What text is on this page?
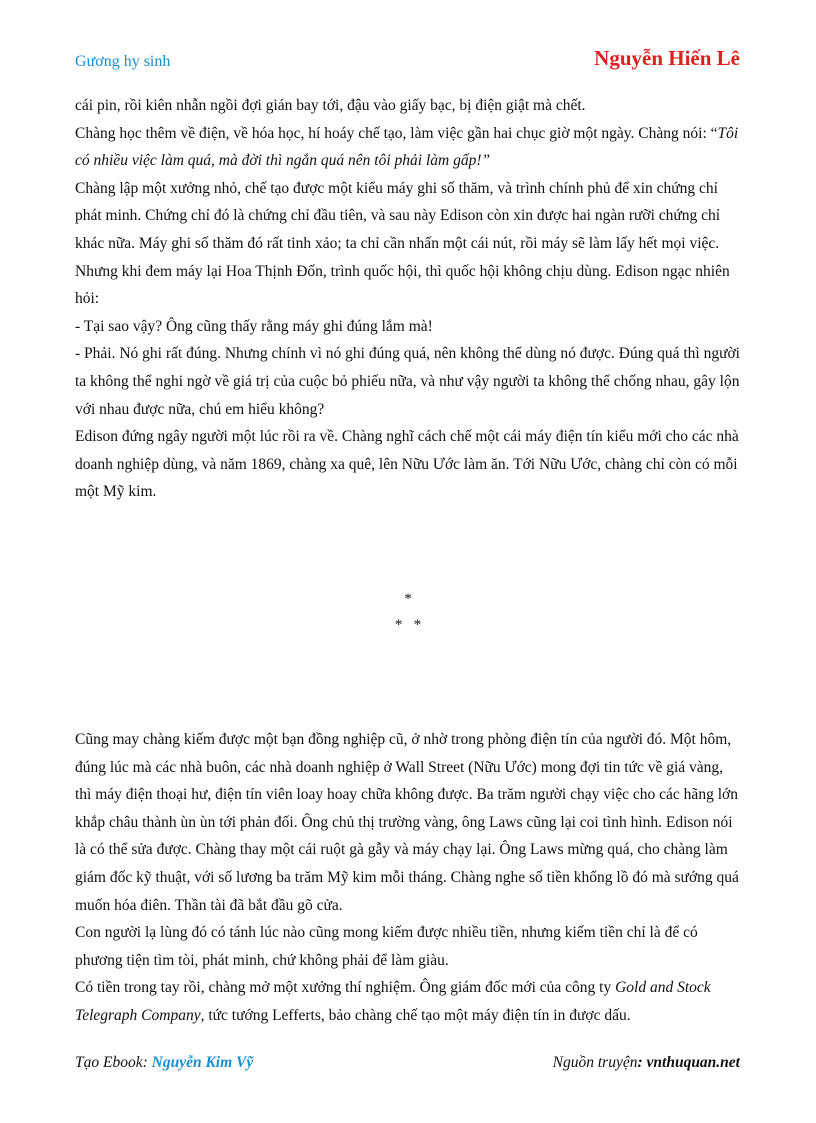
Gương hy sinh	Nguyễn Hiến Lê

cái pin, rồi kiên nhẫn ngồi đợi gián bay tới, đậu vào giấy bạc, bị điện giật mà chết.

Chàng học thêm về điện, về hóa học, hí hoáy chế tạo, làm việc gần hai chục giờ một ngày. Chàng nói: “Tôi có nhiều việc làm quá, mà đời thì ngắn quá nên tôi phải làm gấp!”

Chàng lập một xưởng nhỏ, chế tạo được một kiểu máy ghi số thăm, và trình chính phủ để xin chứng chỉ phát minh. Chứng chỉ đó là chứng chỉ đầu tiên, và sau này Edison còn xin được hai ngàn rưỡi chứng chỉ khác nữa. Máy ghi số thăm đó rất tinh xảo; ta chỉ cần nhấn một cái nút, rồi máy sẽ làm lấy hết mọi việc. Nhưng khi đem máy lại Hoa Thịnh Đốn, trình quốc hội, thì quốc hội không chịu dùng. Edison ngạc nhiên hỏi:

- Tại sao vậy? Ông cũng thấy rằng máy ghi đúng lắm mà!

- Phải. Nó ghi rất đúng. Nhưng chính vì nó ghi đúng quá, nên không thể dùng nó được. Đúng quá thì người ta không thể nghi ngờ về giá trị của cuộc bỏ phiếu nữa, và như vậy người ta không thể chống nhau, gây lộn với nhau được nữa, chú em hiểu không?

Edison đứng ngây người một lúc rồi ra về. Chàng nghĩ cách chế một cái máy điện tín kiểu mới cho các nhà doanh nghiệp dùng, và năm 1869, chàng xa quê, lên Nữu Ước làm ăn. Tới Nữu Ước, chàng chỉ còn có mỗi một Mỹ kim.

*
*   *

Cũng may chàng kiếm được một bạn đồng nghiệp cũ, ở nhờ trong phòng điện tín của người đó. Một hôm, đúng lúc mà các nhà buôn, các nhà doanh nghiệp ở Wall Street (Nữu Ước) mong đợi tin tức về giá vàng, thì máy điện thoại hư, điện tín viên loay hoay chữa không được. Ba trăm người chạy việc cho các hãng lớn khắp châu thành ùn ùn tới phản đối. Ông chủ thị trường vàng, ông Laws cũng lại coi tình hình. Edison nói là có thể sửa được. Chàng thay một cái ruột gà gẫy và máy chạy lại. Ông Laws mừng quá, cho chàng làm giám đốc kỹ thuật, với số lương ba trăm Mỹ kim mỗi tháng. Chàng nghe số tiền khổng lồ đó mà sướng quá muốn hóa điên. Thần tài đã bắt đầu gõ cửa.

Con người lạ lùng đó có tánh lúc nào cũng mong kiếm được nhiều tiền, nhưng kiếm tiền chỉ là để có phương tiện tìm tòi, phát minh, chứ không phải để làm giàu.

Có tiền trong tay rồi, chàng mở một xưởng thí nghiệm. Ông giám đốc mới của công ty Gold and Stock Telegraph Company, tức tướng Lefferts, bảo chàng chế tạo một máy điện tín in được dấu.

Tạo Ebook: Nguyễn Kim Vỹ	Nguồn truyện: vnthuquan.net
